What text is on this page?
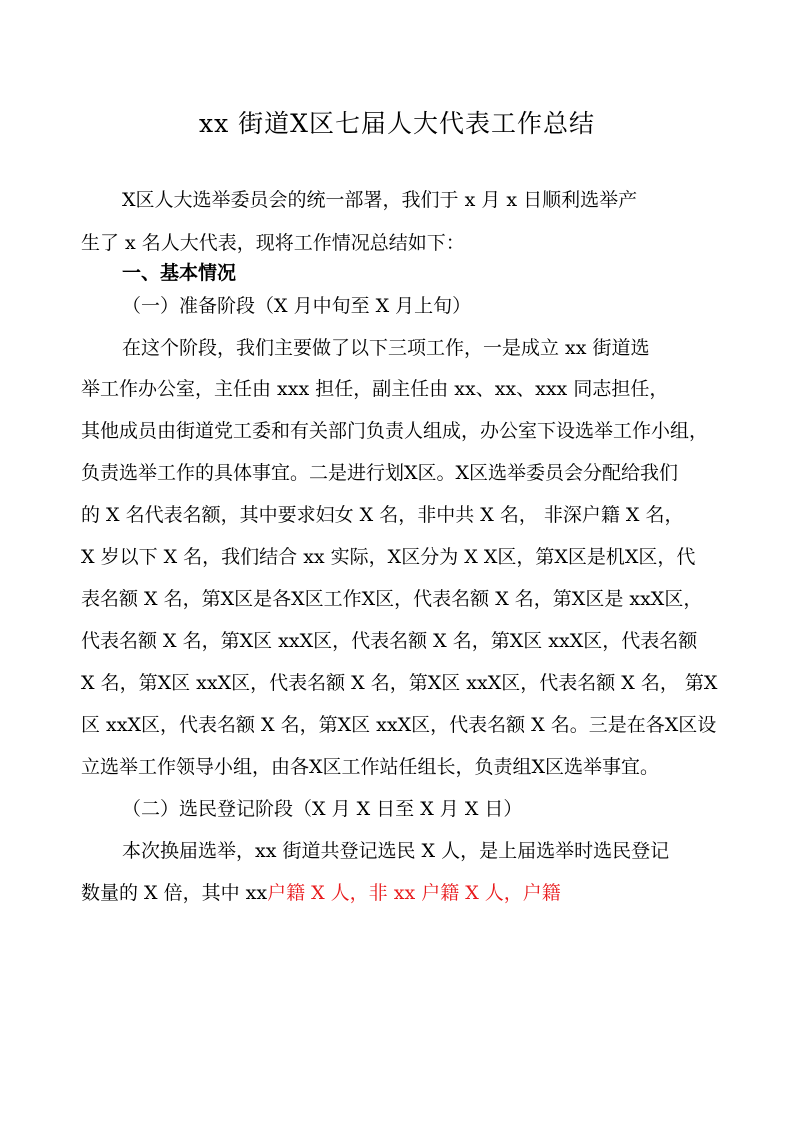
xx 街道X区七届人大代表工作总结
X区人大选举委员会的统一部署，我们于 x 月 x 日顺利选举产
生了 x 名人大代表，现将工作情况总结如下：
一、基本情况
（一）准备阶段（X 月中旬至 X 月上旬）
在这个阶段，我们主要做了以下三项工作，一是成立 xx 街道选
举工作办公室，主任由 xxx 担任，副主任由 xx、xx、xxx 同志担任，
其他成员由街道党工委和有关部门负责人组成，办公室下设选举工作小组，
负责选举工作的具体事宜。二是进行划X区。X区选举委员会分配给我们
的 X 名代表名额，其中要求妇女 X 名，非中共 X 名， 非深户籍 X 名，
X 岁以下 X 名，我们结合 xx 实际，X区分为 X X区，第X区是机X区，代
表名额 X 名，第X区是各X区工作X区，代表名额 X 名，第X区是 xxX区，
代表名额 X 名，第X区 xxX区，代表名额 X 名，第X区 xxX区，代表名额
X 名，第X区 xxX区，代表名额 X 名，第X区 xxX区，代表名额 X 名， 第X
区 xxX区，代表名额 X 名，第X区 xxX区，代表名额 X 名。三是在各X区设
立选举工作领导小组，由各X区工作站任组长，负责组X区选举事宜。
（二）选民登记阶段（X 月 X 日至 X 月 X 日）
本次换届选举，xx 街道共登记选民 X 人，是上届选举时选民登记
数量的 X 倍，其中 xx户籍 X 人，非 xx 户籍 X 人，户籍
